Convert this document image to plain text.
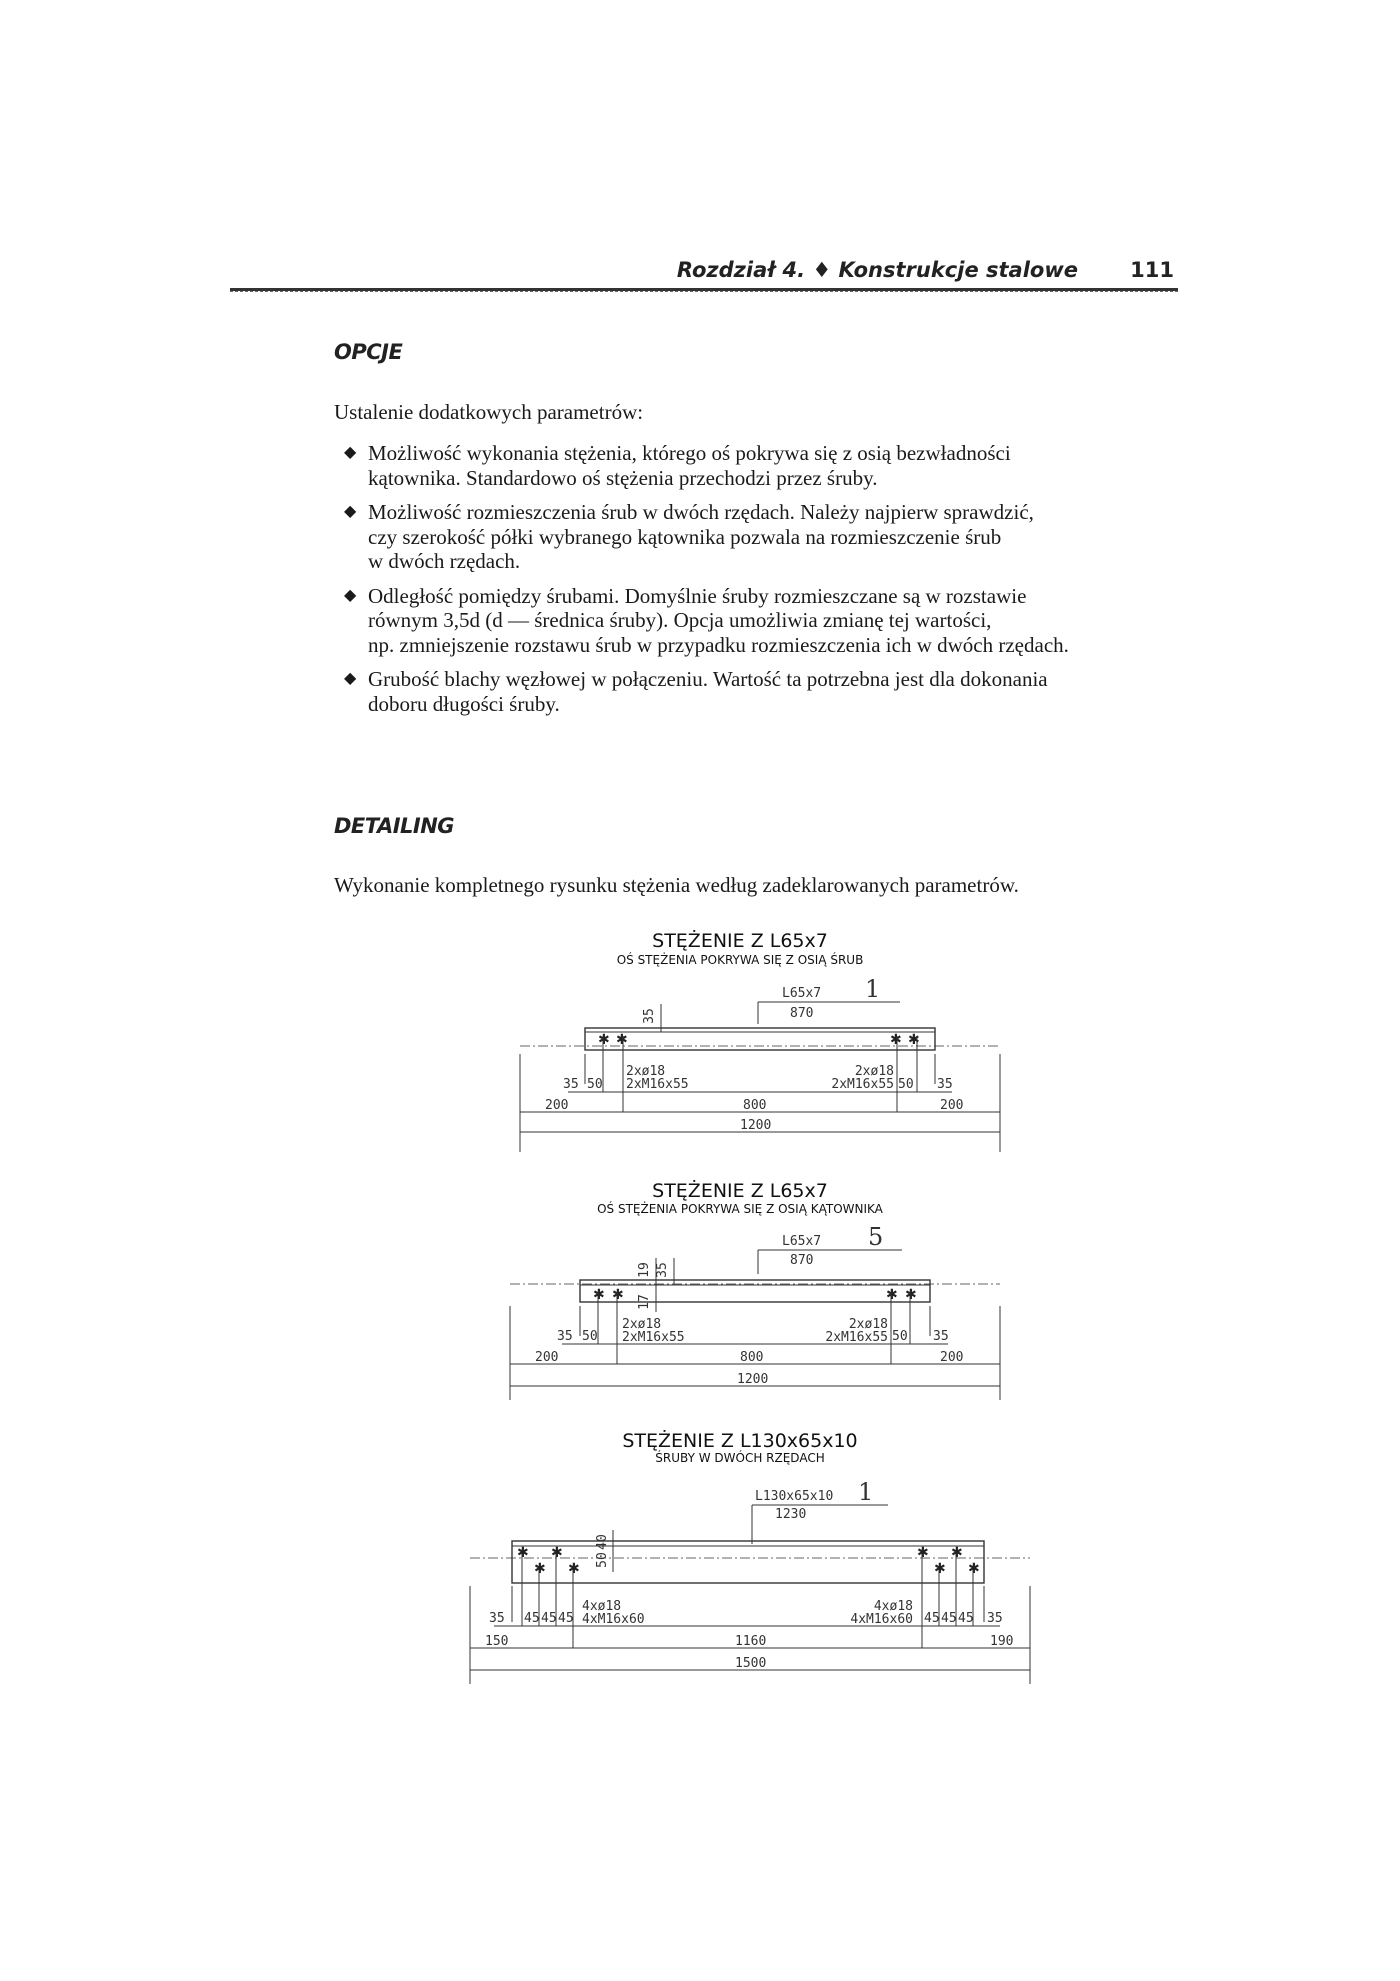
Rozdział 4. ♦ Konstrukcje stalowe 111
OPCJE

Ustalenie dodatkowych parametrów:

◆ Możliwość wykonania stężenia, którego oś pokrywa się z osią bezwładności
kątownika. Standardowo oś stężenia przechodzi przez śruby.
◆ Możliwość rozmieszczenia śrub w dwóch rzędach. Należy najpierw sprawdzić,
czy szerokość półki wybranego kątownika pozwala na rozmieszczenie śrub
w dwóch rzędach.
◆ Odległość pomiędzy śrubami. Domyślnie śruby rozmieszczane są w rozstawie
równym 3,5d (d — średnica śruby). Opcja umożliwia zmianę tej wartości,
np. zmniejszenie rozstawu śrub w przypadku rozmieszczenia ich w dwóch rzędach.
◆ Grubość blachy węzłowej w połączeniu. Wartość ta potrzebna jest dla dokonania
doboru długości śruby.
DETAILING

Wykonanie kompletnego rysunku stężenia według zadeklarowanych parametrów.

STĘŻENIE Z L65x7
OŚ STĘŻENIA POKRYWA SIĘ Z OSIĄ ŚRUB
L65x7
870
1
35
✱ ✱	✱ ✱
35 50
2xø18
2xM16x55
2xø18
2xM16x55 50 35
200	800	200
1200
STĘŻENIE Z L65x7
OŚ STĘŻENIA POKRYWA SIĘ Z OSIĄ KĄTOWNIKA
L65x7
870
5
19 35
17
✱ ✱	✱ ✱
35 50
2xø18
2xM16x55
2xø18
2xM16x55 50 35
200	800	200
1200
STĘŻENIE Z L130x65x10
ŚRUBY W DWÓCH RZĘDACH
L130x65x10
1230
1
40
50
✱
✱
✱
✱
✱
✱
✱
✱
35 45 45 45
4xø18
4xM16x60
4xø18
4xM16x60 45 45 45 35
150	1160	190
1500
